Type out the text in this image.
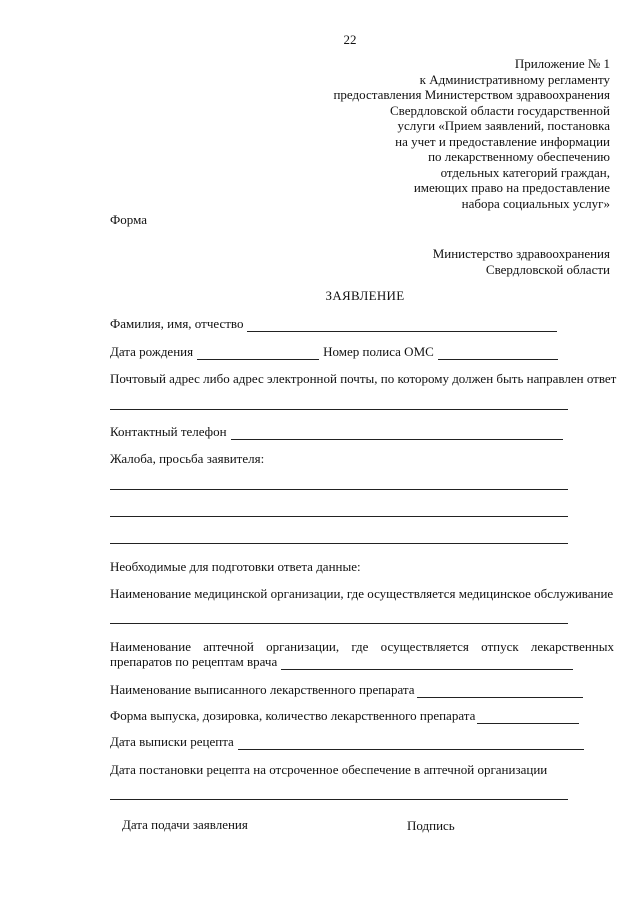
22
Приложение № 1
к Административному регламенту
предоставления Министерством здравоохранения
Свердловской области государственной
услуги «Прием заявлений, постановка
на учет и предоставление информации
по лекарственному обеспечению
отдельных категорий граждан,
имеющих право на предоставление
набора социальных услуг»
Форма
Министерство здравоохранения
Свердловской области
ЗАЯВЛЕНИЕ
Фамилия, имя, отчество
Дата рождения	Номер полиса ОМС
Почтовый адрес либо адрес электронной почты, по которому должен быть направлен ответ
Контактный телефон
Жалоба, просьба заявителя:
Необходимые для подготовки ответа данные:
Наименование медицинской организации, где осуществляется медицинское обслуживание
Наименование аптечной организации, где осуществляется отпуск лекарственных
препаратов по рецептам врача
Наименование выписанного лекарственного препарата
Форма выпуска, дозировка, количество лекарственного препарата
Дата выписки рецепта
Дата постановки рецепта на отсроченное обеспечение в аптечной организации
Дата подачи заявления	Подпись
